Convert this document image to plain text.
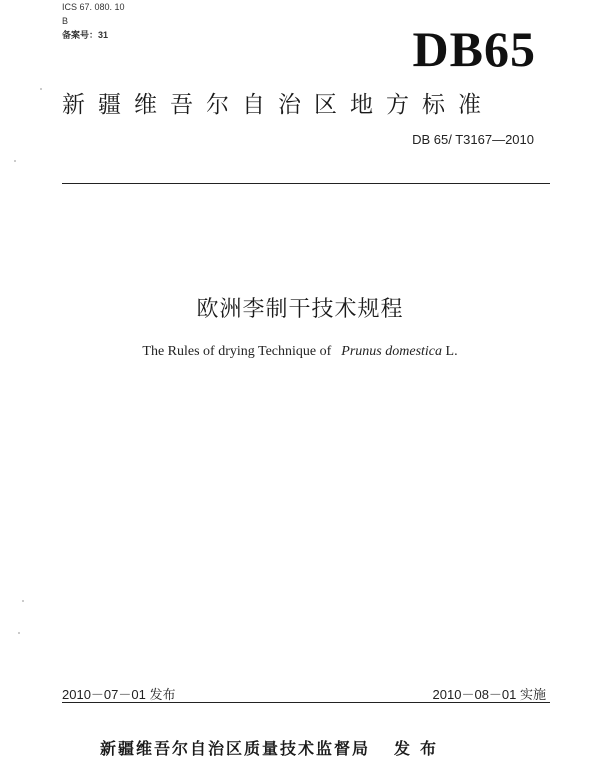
ICS 67. 080. 10
B
备案号：31	DB65
新疆维吾尔自治区地方标准
DB 65/ T3167—2010
欧洲李制干技术规程
The Rules of drying Technique of Prunus domestica L.
2010－07－01 发布	2010－08－01 实施
新疆维吾尔自治区质量技术监督局 发布
